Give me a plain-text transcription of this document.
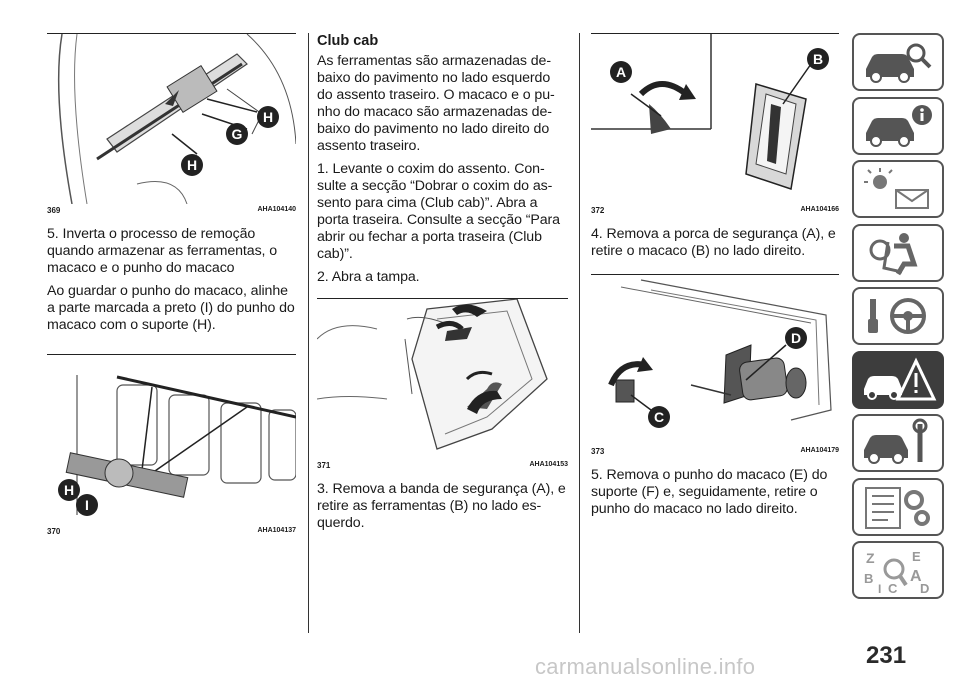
H
G
H
369	AHA104140

5. Inverta o processo de remoção quando armazenar as ferramentas, o macaco e o punho do macaco

Ao guardar o punho do macaco, alinhe a parte marcada a preto (I) do punho do macaco com o suporte (H).

H
I
370	AHA104137
Club cab

As ferramentas são armazenadas de-baixo do pavimento no lado esquerdo do assento traseiro. O macaco e o pu-nho do macaco são armazenadas de-baixo do pavimento no lado direito do assento traseiro.

1. Levante o coxim do assento. Con-sulte a secção “Dobrar o coxim do as-sento para cima (Club cab)”. Abra a porta traseira. Consulte a secção “Para abrir ou fechar a porta traseira (Club cab)”.

2. Abra a tampa.

371	AHA104153

3. Remova a banda de segurança (A), e retire as ferramentas (B) no lado es-querdo.

A
B
372	AHA104166

4. Remova a porca de segurança (A), e retire o macaco (B) no lado direito.

D
C
373	AHA104179

5. Remova o punho do macaco (E) do suporte (F) e, seguidamente, retire o punho do macaco no lado direito.

Z	E
B
I C
A
D
231
carmanualsonline.info
